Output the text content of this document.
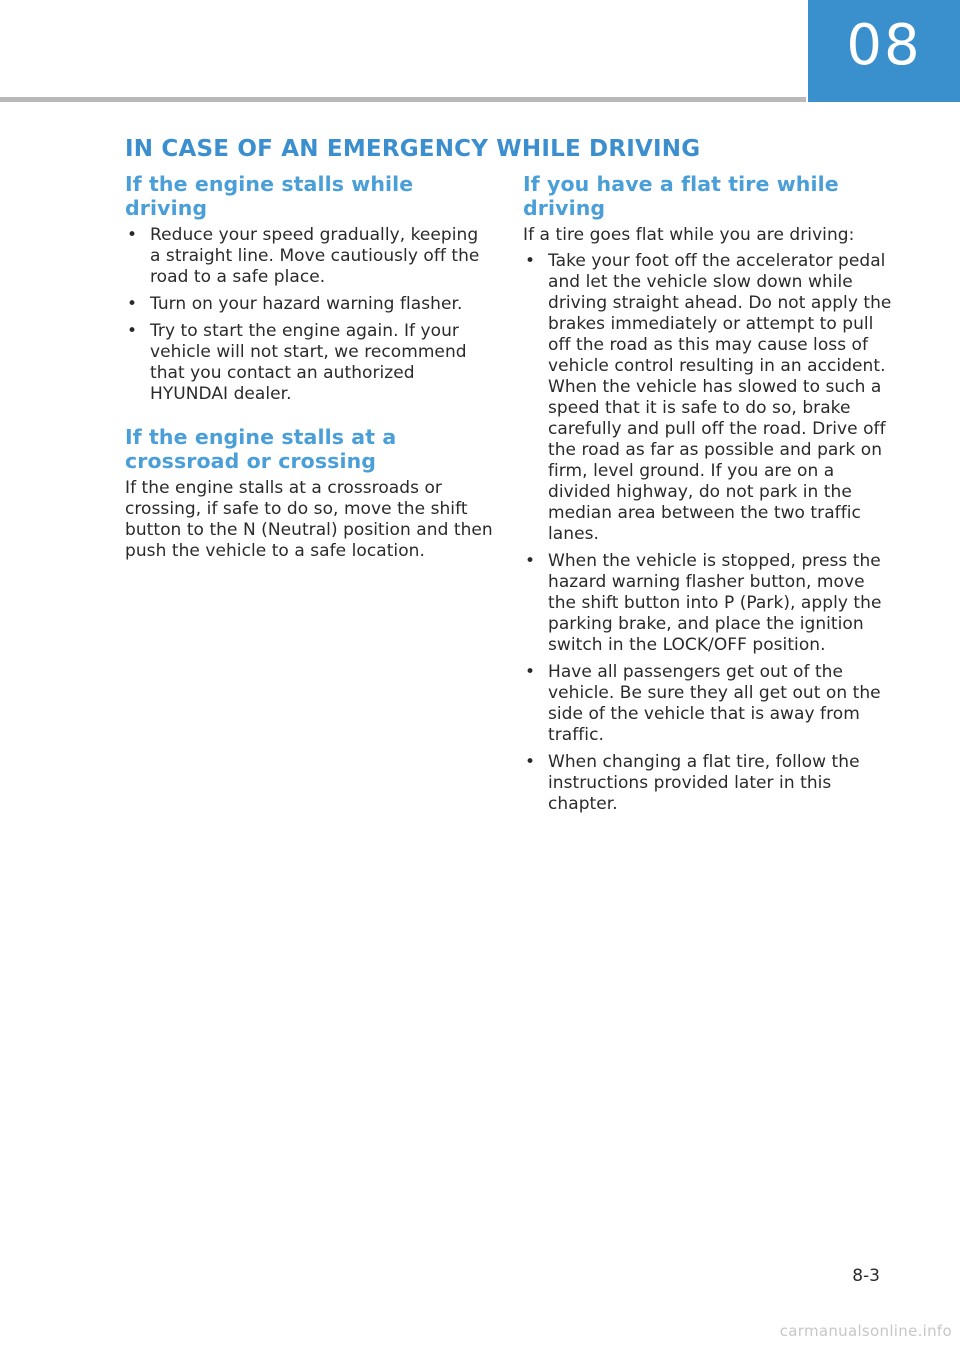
08
IN CASE OF AN EMERGENCY WHILE DRIVING
If the engine stalls while driving
• Reduce your speed gradually, keeping a straight line. Move cautiously off the road to a safe place.
• Turn on your hazard warning flasher.
• Try to start the engine again. If your vehicle will not start, we recommend that you contact an authorized HYUNDAI dealer.
If the engine stalls at a crossroad or crossing

If the engine stalls at a crossroads or crossing, if safe to do so, move the shift button to the N (Neutral) position and then push the vehicle to a safe location.

If you have a flat tire while driving

If a tire goes flat while you are driving:

• Take your foot off the accelerator pedal and let the vehicle slow down while driving straight ahead. Do not apply the brakes immediately or attempt to pull off the road as this may cause loss of vehicle control resulting in an accident. When the vehicle has slowed to such a speed that it is safe to do so, brake carefully and pull off the road. Drive off the road as far as possible and park on firm, level ground. If you are on a divided highway, do not park in the median area between the two traffic lanes.
• When the vehicle is stopped, press the hazard warning flasher button, move the shift button into P (Park), apply the parking brake, and place the ignition switch in the LOCK/OFF position.
• Have all passengers get out of the vehicle. Be sure they all get out on the side of the vehicle that is away from traffic.
• When changing a flat tire, follow the instructions provided later in this chapter.
8-3
carmanualsonline.info
